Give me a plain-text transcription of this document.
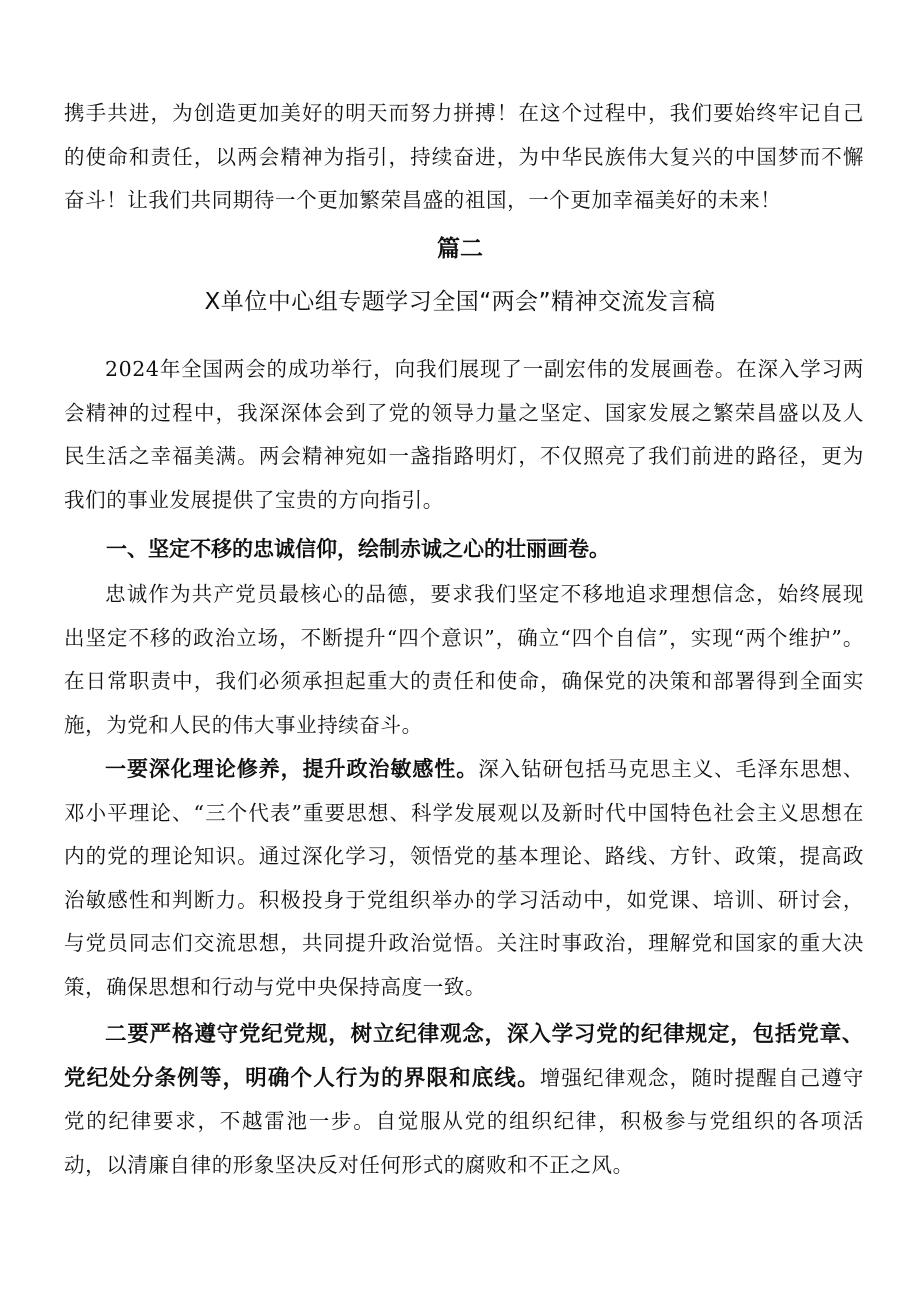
携手共进，为创造更加美好的明天而努力拼搏！在这个过程中，我们要始终牢记自己的使命和责任，以两会精神为指引，持续奋进，为中华民族伟大复兴的中国梦而不懈奋斗！让我们共同期待一个更加繁荣昌盛的祖国，一个更加幸福美好的未来！

篇二
X单位中心组专题学习全国“两会”精神交流发言稿

2024年全国两会的成功举行，向我们展现了一副宏伟的发展画卷。在深入学习两会精神的过程中，我深深体会到了党的领导力量之坚定、国家发展之繁荣昌盛以及人民生活之幸福美满。两会精神宛如一盏指路明灯，不仅照亮了我们前进的路径，更为我们的事业发展提供了宝贵的方向指引。

一、坚定不移的忠诚信仰，绘制赤诚之心的壮丽画卷。

忠诚作为共产党员最核心的品德，要求我们坚定不移地追求理想信念，始终展现出坚定不移的政治立场，不断提升“四个意识”，确立“四个自信”，实现“两个维护”。在日常职责中，我们必须承担起重大的责任和使命，确保党的决策和部署得到全面实施，为党和人民的伟大事业持续奋斗。

一要深化理论修养，提升政治敏感性。深入钻研包括马克思主义、毛泽东思想、邓小平理论、“三个代表”重要思想、科学发展观以及新时代中国特色社会主义思想在内的党的理论知识。通过深化学习，领悟党的基本理论、路线、方针、政策，提高政治敏感性和判断力。积极投身于党组织举办的学习活动中，如党课、培训、研讨会，与党员同志们交流思想，共同提升政治觉悟。关注时事政治，理解党和国家的重大决策，确保思想和行动与党中央保持高度一致。

二要严格遵守党纪党规，树立纪律观念，深入学习党的纪律规定，包括党章、党纪处分条例等，明确个人行为的界限和底线。增强纪律观念，随时提醒自己遵守党的纪律要求，不越雷池一步。自觉服从党的组织纪律，积极参与党组织的各项活动，以清廉自律的形象坚决反对任何形式的腐败和不正之风。
